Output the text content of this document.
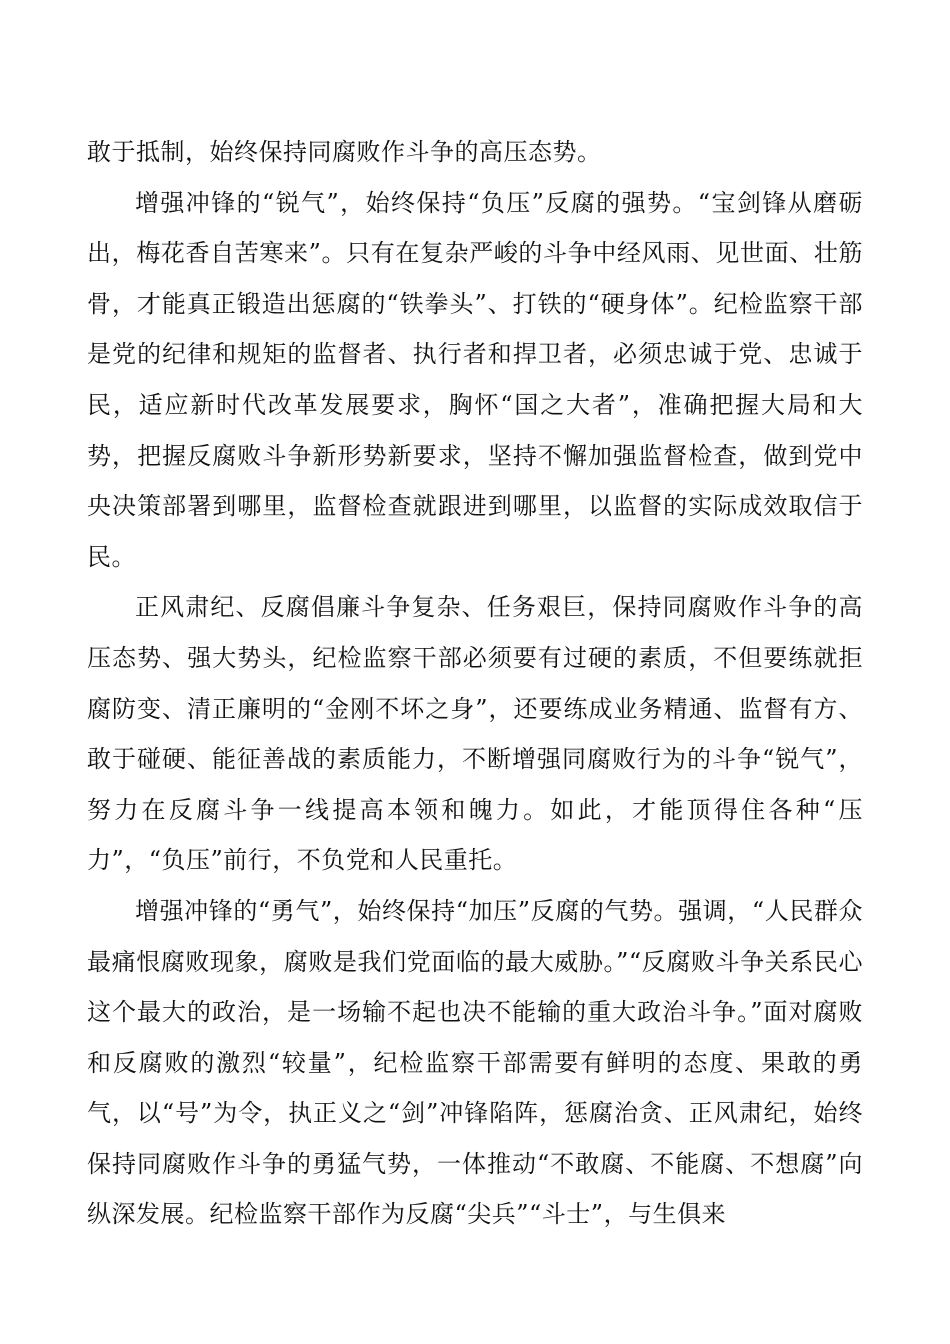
敢于抵制，始终保持同腐败作斗争的高压态势。

增强冲锋的“锐气”，始终保持“负压”反腐的强势。“宝剑锋从磨砺出，梅花香自苦寒来”。只有在复杂严峻的斗争中经风雨、见世面、壮筋骨，才能真正锻造出惩腐的“铁拳头”、打铁的“硬身体”。纪检监察干部是党的纪律和规矩的监督者、执行者和捍卫者，必须忠诚于党、忠诚于民，适应新时代改革发展要求，胸怀“国之大者”，准确把握大局和大势，把握反腐败斗争新形势新要求，坚持不懈加强监督检查，做到党中央决策部署到哪里，监督检查就跟进到哪里，以监督的实际成效取信于民。

正风肃纪、反腐倡廉斗争复杂、任务艰巨，保持同腐败作斗争的高压态势、强大势头，纪检监察干部必须要有过硬的素质，不但要练就拒腐防变、清正廉明的“金刚不坏之身”，还要练成业务精通、监督有方、敢于碰硬、能征善战的素质能力，不断增强同腐败行为的斗争“锐气”，努力在反腐斗争一线提高本领和魄力。如此，才能顶得住各种“压力”，“负压”前行，不负党和人民重托。

增强冲锋的“勇气”，始终保持“加压”反腐的气势。强调，“人民群众最痛恨腐败现象，腐败是我们党面临的最大威胁。”“反腐败斗争关系民心这个最大的政治，是一场输不起也决不能输的重大政治斗争。”面对腐败和反腐败的激烈“较量”，纪检监察干部需要有鲜明的态度、果敢的勇气，以“号”为令，执正义之“剑”冲锋陷阵，惩腐治贪、正风肃纪，始终保持同腐败作斗争的勇猛气势，一体推动“不敢腐、不能腐、不想腐”向纵深发展。纪检监察干部作为反腐“尖兵”“斗士”，与生俱来
